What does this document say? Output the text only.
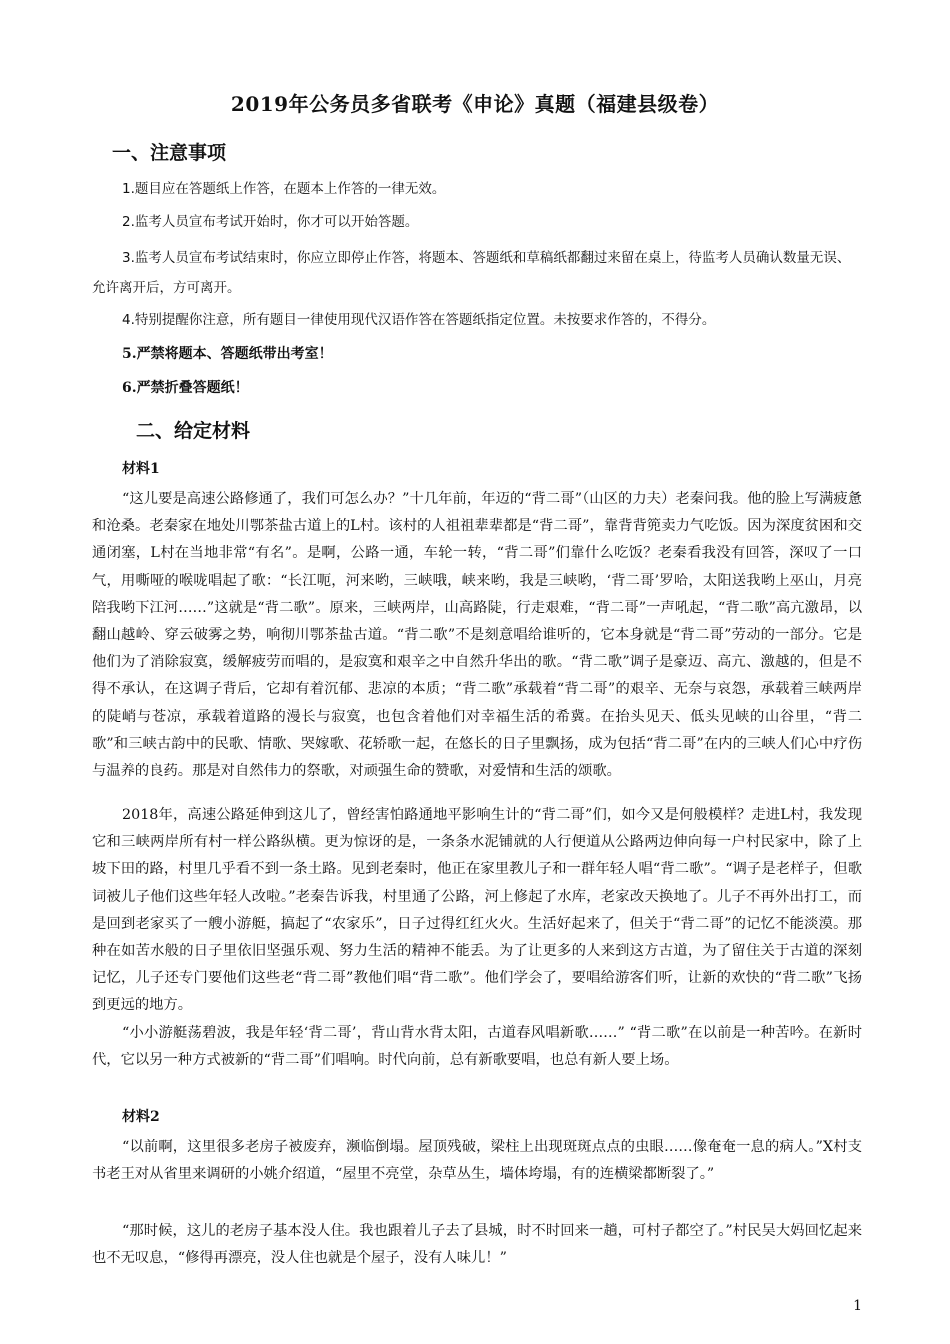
2019年公务员多省联考《申论》真题（福建县级卷）
一、注意事项
1.题目应在答题纸上作答，在题本上作答的一律无效。
2.监考人员宣布考试开始时，你才可以开始答题。
3.监考人员宣布考试结束时，你应立即停止作答，将题本、答题纸和草稿纸都翻过来留在桌上，待监考人员确认数量无误、允许离开后，方可离开。
4.特别提醒你注意，所有题目一律使用现代汉语作答在答题纸指定位置。未按要求作答的，不得分。
5.严禁将题本、答题纸带出考室！
6.严禁折叠答题纸！
二、给定材料
材料1
“这儿要是高速公路修通了，我们可怎么办？”十几年前，年迈的“背二哥”（山区的力夫）老秦问我。他的脸上写满疲惫和沧桑。老秦家在地处川鄂茶盐古道上的L村。该村的人祖祖辈辈都是“背二哥”，靠背背篼卖力气吃饭。因为深度贫困和交通闭塞，L村在当地非常“有名”。是啊，公路一通，车轮一转，“背二哥”们靠什么吃饭？老秦看我没有回答，深叹了一口气，用嘶哑的喉咙唱起了歌：“长江呃，河来哟，三峡哦，峡来哟，我是三峡哟，‘背二哥’罗哈，太阳送我哟上巫山，月亮陪我哟下江河……”这就是“背二歌”。原来，三峡两岸，山高路陡，行走艰难，“背二哥”一声吼起，“背二歌”高亢激昂，以翻山越岭、穿云破雾之势，响彻川鄂茶盐古道。“背二歌”不是刻意唱给谁听的，它本身就是“背二哥”劳动的一部分。它是他们为了消除寂寞，缓解疲劳而唱的，是寂寞和艰辛之中自然升华出的歌。“背二歌”调子是豪迈、高亢、激越的，但是不得不承认，在这调子背后，它却有着沉郁、悲凉的本质；“背二歌”承载着“背二哥”的艰辛、无奈与哀怨，承载着三峡两岸的陡峭与苍凉，承载着道路的漫长与寂寞，也包含着他们对幸福生活的希冀。在抬头见天、低头见峡的山谷里，“背二歌”和三峡古韵中的民歌、情歌、哭嫁歌、花轿歌一起，在悠长的日子里飘扬，成为包括“背二哥”在内的三峡人们心中疗伤与温养的良药。那是对自然伟力的祭歌，对顽强生命的赞歌，对爱情和生活的颂歌。
2018年，高速公路延伸到这儿了，曾经害怕路通地平影响生计的“背二哥”们，如今又是何般模样？走进L村，我发现它和三峡两岸所有村一样公路纵横。更为惊讶的是，一条条水泥铺就的人行便道从公路两边伸向每一户村民家中，除了上坡下田的路，村里几乎看不到一条土路。见到老秦时，他正在家里教儿子和一群年轻人唱“背二歌”。“调子是老样子，但歌词被儿子他们这些年轻人改啦。”老秦告诉我，村里通了公路，河上修起了水库，老家改天换地了。儿子不再外出打工，而是回到老家买了一艘小游艇，搞起了“农家乐”，日子过得红红火火。生活好起来了，但关于“背二哥”的记忆不能淡漠。那种在如苦水般的日子里依旧坚强乐观、努力生活的精神不能丢。为了让更多的人来到这方古道，为了留住关于古道的深刻记忆，儿子还专门要他们这些老“背二哥”教他们唱“背二歌”。他们学会了，要唱给游客们听，让新的欢快的“背二歌”飞扬到更远的地方。
“小小游艇荡碧波，我是年轻‘背二哥’，背山背水背太阳，古道春风唱新歌……” “背二歌”在以前是一种苦吟。在新时代，它以另一种方式被新的“背二哥”们唱响。时代向前，总有新歌要唱，也总有新人要上场。
材料2
“以前啊，这里很多老房子被废弃，濒临倒塌。屋顶残破，梁柱上出现斑斑点点的虫眼……像奄奄一息的病人。”X村支书老王对从省里来调研的小姚介绍道，“屋里不亮堂，杂草丛生，墙体垮塌，有的连横梁都断裂了。”
“那时候，这儿的老房子基本没人住。我也跟着儿子去了县城，时不时回来一趟，可村子都空了。”村民吴大妈回忆起来也不无叹息，“修得再漂亮，没人住也就是个屋子，没有人味儿！”
1
